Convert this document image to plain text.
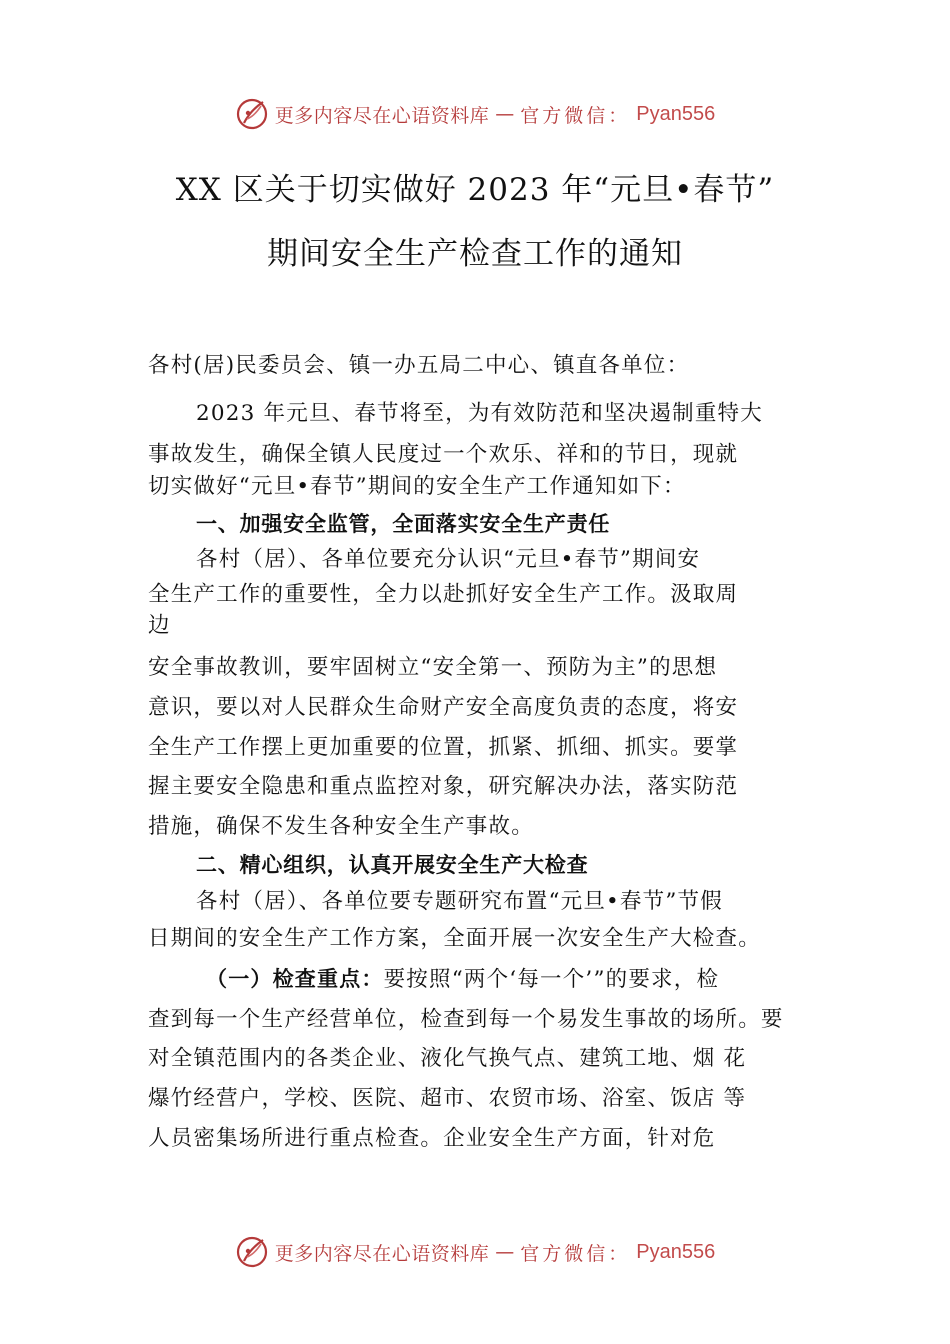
更多内容尽在心语资料库 — 官方微信： Pyan556
XX 区关于切实做好 2023 年“元旦•春节”
期间安全生产检查工作的通知
各村(居)民委员会、镇一办五局二中心、镇直各单位：
2023 年元旦、春节将至，为有效防范和坚决遏制重特大
事故发生，确保全镇人民度过一个欢乐、祥和的节日，现就
切实做好“元旦•春节”期间的安全生产工作通知如下：
一、加强安全监管，全面落实安全生产责任
各村（居）、各单位要充分认识“元旦•春节”期间安
全生产工作的重要性，全力以赴抓好安全生产工作。汲取周
边
安全事故教训，要牢固树立“安全第一、预防为主”的思想
意识，要以对人民群众生命财产安全高度负责的态度，将安
全生产工作摆上更加重要的位置，抓紧、抓细、抓实。要掌
握主要安全隐患和重点监控对象，研究解决办法，落实防范
措施，确保不发生各种安全生产事故。
二、精心组织，认真开展安全生产大检查
各村（居）、各单位要专题研究布置“元旦•春节”节假
日期间的安全生产工作方案，全面开展一次安全生产大检查。
（一）检查重点：要按照“两个‘每一个’”的要求，检
查到每一个生产经营单位，检查到每一个易发生事故的场所。要
对全镇范围内的各类企业、液化气换气点、建筑工地、烟 花
爆竹经营户，学校、医院、超市、农贸市场、浴室、饭店 等
人员密集场所进行重点检查。企业安全生产方面，针对危
更多内容尽在心语资料库 — 官方微信： Pyan556
